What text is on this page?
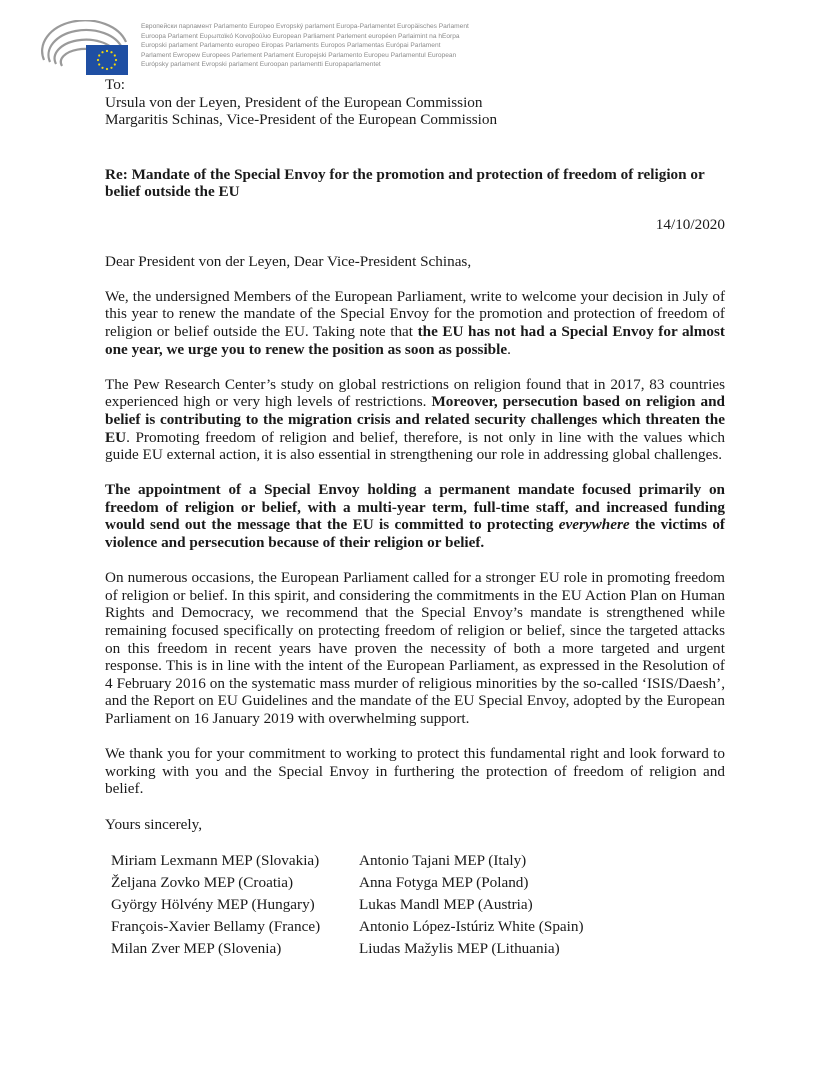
Европейски парламент Parlamento Europeo Evropský parlament Europa-Parlamentet Europäisches Parlament
Euroopa Parlament Ευρωπαϊκό Κοινοβούλιο European Parliament Parlement européen Parlaimint na hEorpa
Europski parlament Parlamento europeo Eiropas Parlaments Europos Parlamentas Európai Parlament
Parlament Ewropew Europees Parlement Parlament Europejski Parlamento Europeu Parlamentul European
Európsky parlament Evropski parlament Euroopan parlamentti Europaparlamentet
To:
Ursula von der Leyen, President of the European Commission
Margaritis Schinas, Vice-President of the European Commission

Re: Mandate of the Special Envoy for the promotion and protection of freedom of religion or belief outside the EU

14/10/2020

Dear President von der Leyen, Dear Vice-President Schinas,

We, the undersigned Members of the European Parliament, write to welcome your decision in July of this year to renew the mandate of the Special Envoy for the promotion and protection of freedom of religion or belief outside the EU. Taking note that the EU has not had a Special Envoy for almost one year, we urge you to renew the position as soon as possible.

The Pew Research Center’s study on global restrictions on religion found that in 2017, 83 countries experienced high or very high levels of restrictions. Moreover, persecution based on religion and belief is contributing to the migration crisis and related security challenges which threaten the EU. Promoting freedom of religion and belief, therefore, is not only in line with the values which guide EU external action, it is also essential in strengthening our role in addressing global challenges.

The appointment of a Special Envoy holding a permanent mandate focused primarily on freedom of religion or belief, with a multi-year term, full-time staff, and increased funding would send out the message that the EU is committed to protecting everywhere the victims of violence and persecution because of their religion or belief.

On numerous occasions, the European Parliament called for a stronger EU role in promoting freedom of religion or belief. In this spirit, and considering the commitments in the EU Action Plan on Human Rights and Democracy, we recommend that the Special Envoy’s mandate is strengthened while remaining focused specifically on protecting freedom of religion or belief, since the targeted attacks on this freedom in recent years have proven the necessity of both a more targeted and urgent response. This is in line with the intent of the European Parliament, as expressed in the Resolution of 4 February 2016 on the systematic mass murder of religious minorities by the so-called ‘ISIS/Daesh’, and the Report on EU Guidelines and the mandate of the EU Special Envoy, adopted by the European Parliament on 16 January 2019 with overwhelming support.

We thank you for your commitment to working to protect this fundamental right and look forward to working with you and the Special Envoy in furthering the protection of freedom of religion and belief.

Yours sincerely,

Miriam Lexmann MEP (Slovakia)	Antonio Tajani MEP (Italy)
Željana Zovko MEP (Croatia)	Anna Fotyga MEP (Poland)
György Hölvény MEP (Hungary)	Lukas Mandl MEP (Austria)
François-Xavier Bellamy (France)	Antonio López-Istúriz White (Spain)
Milan Zver MEP (Slovenia)	Liudas Mažylis MEP (Lithuania)
